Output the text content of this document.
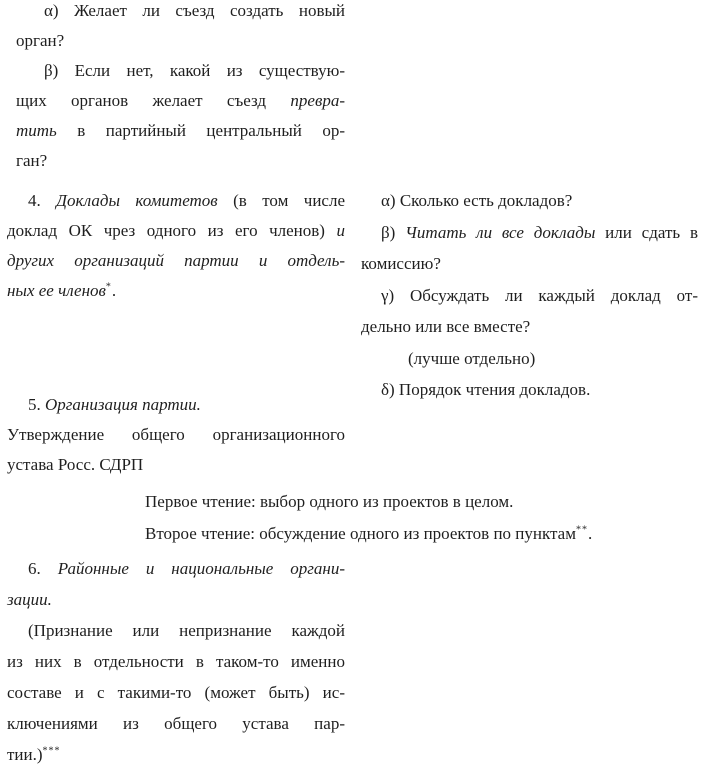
α) Желает ли съезд создать новый
орган?
β) Если нет, какой из существую-
щих органов желает съезд превра-
тить в партийный центральный ор-
ган?
4. Доклады комитетов (в том числе
доклад ОК чрез одного из его членов) и
других организаций партии и отдель-
ных ее членов*.
α) Сколько есть докладов?
β) Читать ли все доклады или сдать в
комиссию?
γ) Обсуждать ли каждый доклад от-
дельно или все вместе?
(лучше отдельно)
δ) Порядок чтения докладов.
5. Организация партии.
Утверждение общего организационного
устава Росс. СДРП
Первое чтение: выбор одного из проектов в целом.
Второе чтение: обсуждение одного из проектов по пунктам**.
6. Районные и национальные органи-
зации.
(Признание или непризнание каждой
из них в отдельности в таком-то именно
составе и с такими-то (может быть) ис-
ключениями из общего устава пар-
тии.)***
